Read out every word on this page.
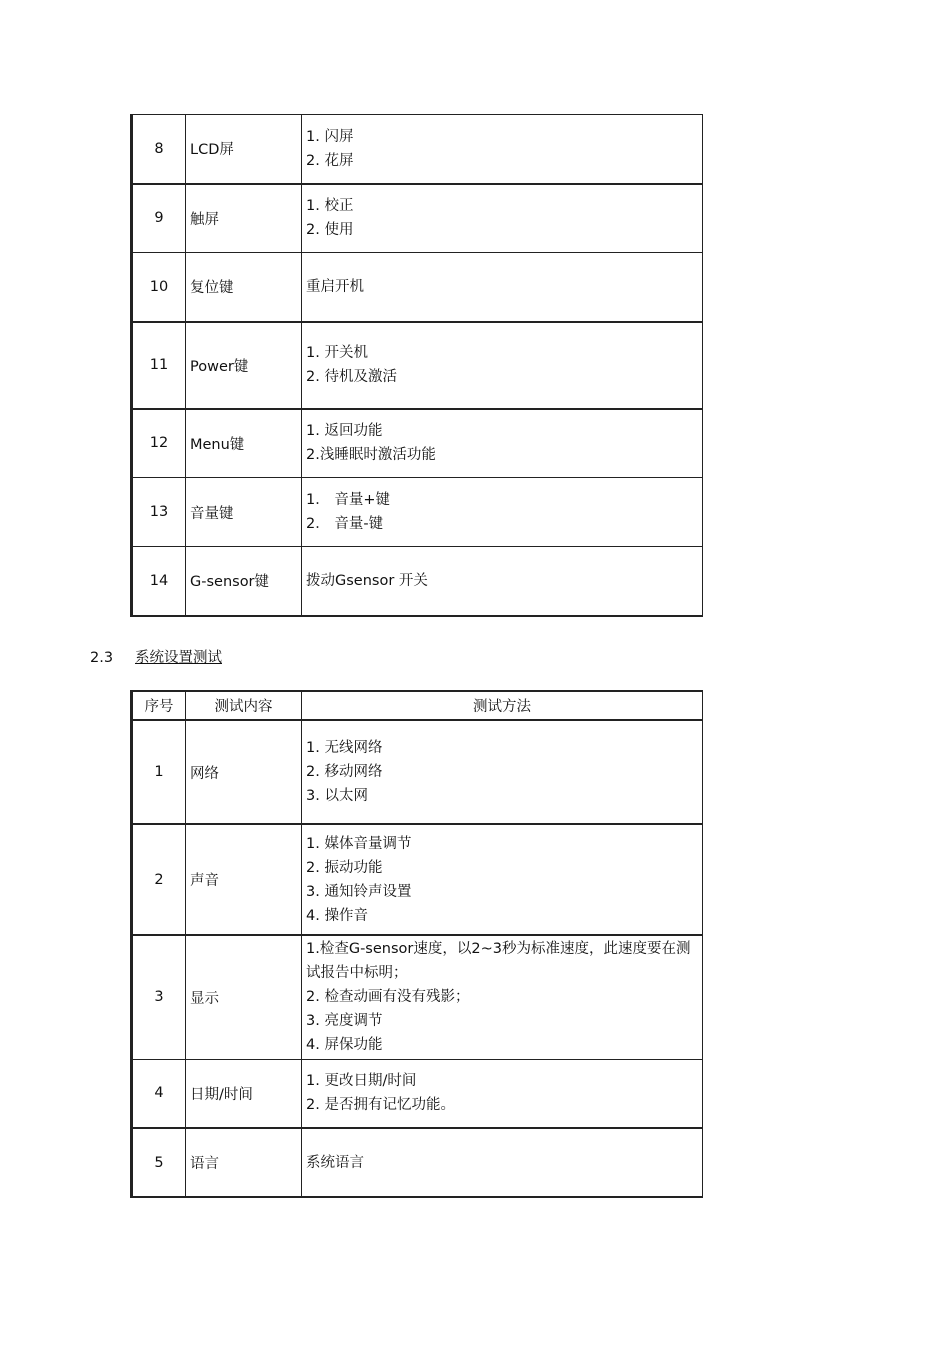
8	LCD屏	1. 闪屏
2. 花屏

9	触屏	1. 校正
2. 使用

10	复位键	重启开机

11	Power键	1. 开关机
2. 待机及激活

12	Menu键	1. 返回功能
2.浅睡眠时激活功能

13	音量键	1． 音量+键
2． 音量-键

14	G-sensor键	拨动Gsensor 开关
2.3 系统设置测试
序号	测试内容	测试方法
1	网络	1. 无线网络
2. 移动网络
3. 以太网

2	声音	1. 媒体音量调节
2. 振动功能
3. 通知铃声设置
4. 操作音

3	显示	1.检查G-sensor速度，以2~3秒为标准速度，此速度要在测试报告中标明；
2. 检查动画有没有残影；
3. 亮度调节
4. 屏保功能

4	日期/时间	1. 更改日期/时间
2. 是否拥有记忆功能。

5	语言	系统语言
